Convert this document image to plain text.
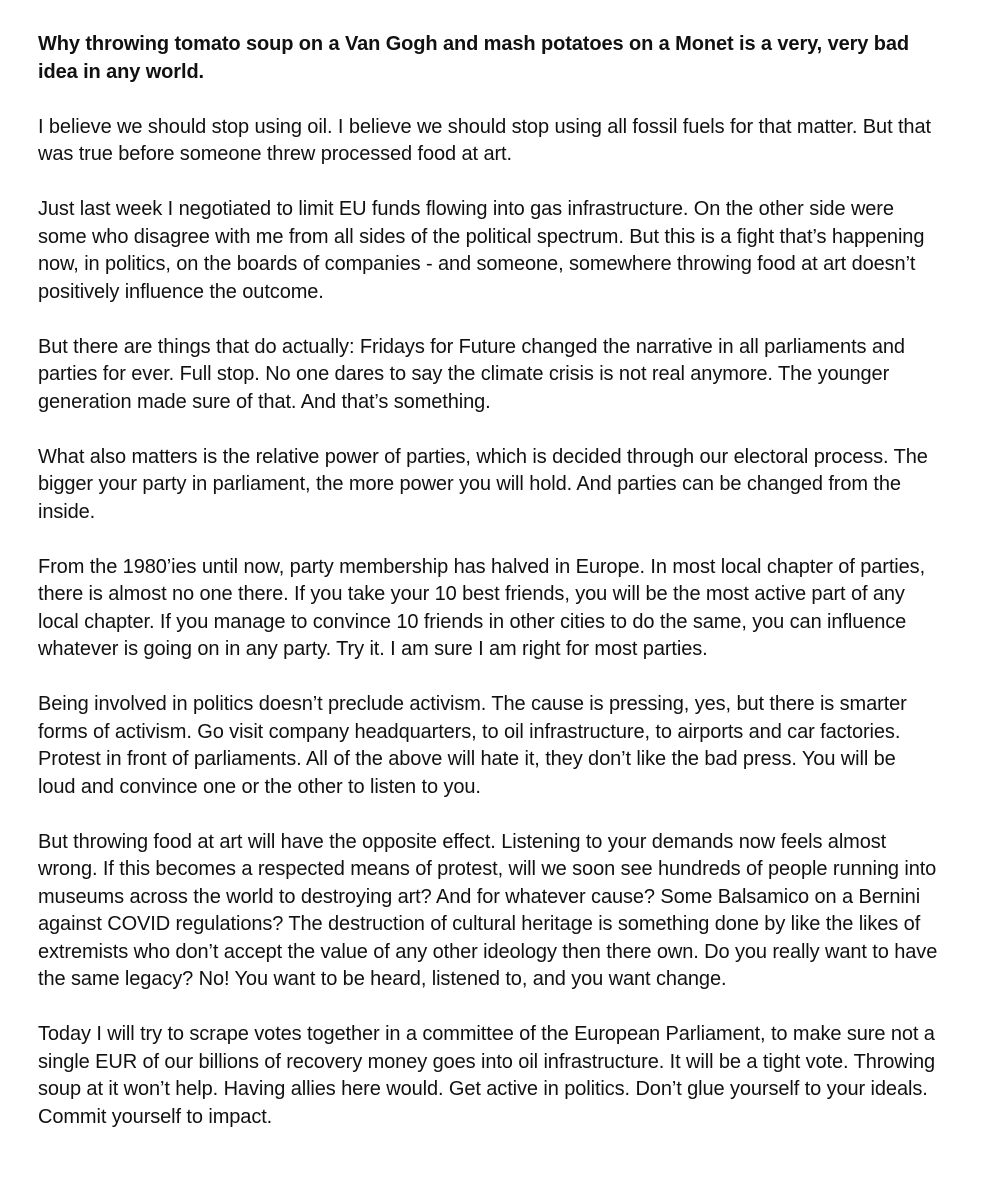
Why throwing tomato soup on a Van Gogh and mash potatoes on a Monet is a very, very bad idea in any world.

I believe we should stop using oil. I believe we should stop using all fossil fuels for that matter. But that was true before someone threw processed food at art.

Just last week I negotiated to limit EU funds flowing into gas infrastructure. On the other side were some who disagree with me from all sides of the political spectrum. But this is a fight that’s happening now, in politics, on the boards of companies - and someone, somewhere throwing food at art doesn’t positively influence the outcome.

But there are things that do actually: Fridays for Future changed the narrative in all parliaments and parties for ever. Full stop. No one dares to say the climate crisis is not real anymore. The younger generation made sure of that. And that’s something.

What also matters is the relative power of parties, which is decided through our electoral process. The bigger your party in parliament, the more power you will hold. And parties can be changed from the inside.

From the 1980’ies until now, party membership has halved in Europe. In most local chapter of parties, there is almost no one there. If you take your 10 best friends, you will be the most active part of any local chapter. If you manage to convince 10 friends in other cities to do the same, you can influence whatever is going on in any party. Try it. I am sure I am right for most parties.

Being involved in politics doesn’t preclude activism. The cause is pressing, yes, but there is smarter forms of activism. Go visit company headquarters, to oil infrastructure, to airports and car factories. Protest in front of parliaments. All of the above will hate it, they don’t like the bad press. You will be loud and convince one or the other to listen to you.

But throwing food at art will have the opposite effect. Listening to your demands now feels almost wrong. If this becomes a respected means of protest, will we soon see hundreds of people running into museums across the world to destroying art? And for whatever cause? Some Balsamico on a Bernini against COVID regulations? The destruction of cultural heritage is something done by like the likes of extremists who don’t accept the value of any other ideology then there own. Do you really want to have the same legacy? No! You want to be heard, listened to, and you want change.

Today I will try to scrape votes together in a committee of the European Parliament, to make sure not a single EUR of our billions of recovery money goes into oil infrastructure. It will be a tight vote. Throwing soup at it won’t help. Having allies here would. Get active in politics. Don’t glue yourself to your ideals. Commit yourself to impact.
